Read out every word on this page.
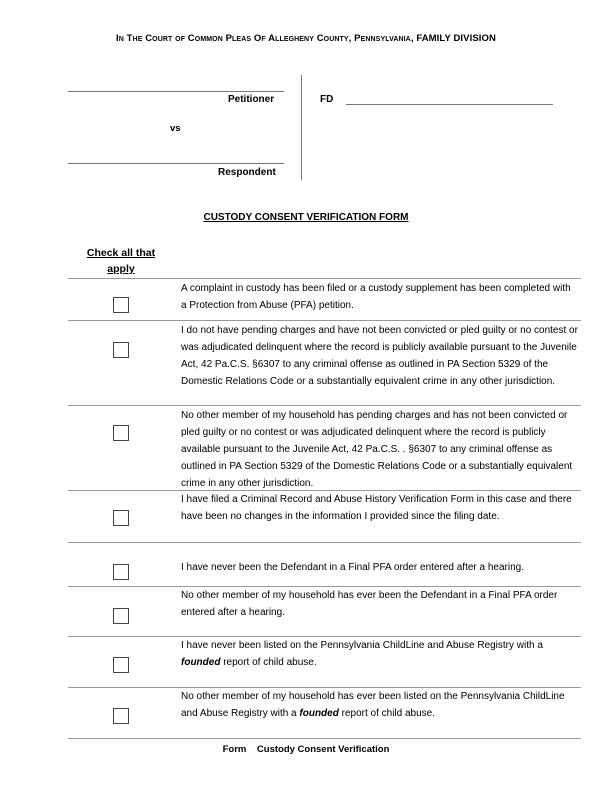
In The Court of Common Pleas Of Allegheny County, Pennsylvania, FAMILY DIVISION
Petitioner
vs
Respondent
FD
CUSTODY CONSENT VERIFICATION FORM
Check all that
apply
A complaint in custody has been filed or a custody supplement has been completed with a Protection from Abuse (PFA) petition.
I do not have pending charges and have not been convicted or pled guilty or no contest or was adjudicated delinquent where the record is publicly available pursuant to the Juvenile Act, 42 Pa.C.S. §6307 to any criminal offense as outlined in PA Section 5329 of the Domestic Relations Code or a substantially equivalent crime in any other jurisdiction.
No other member of my household has pending charges and has not been convicted or pled guilty or no contest or was adjudicated delinquent where the record is publicly available pursuant to the Juvenile Act, 42 Pa.C.S. . §6307 to any criminal offense as outlined in PA Section 5329 of the Domestic Relations Code or a substantially equivalent crime in any other jurisdiction.
I have filed a Criminal Record and Abuse History Verification Form in this case and there have been no changes in the information I provided since the filing date.
I have never been the Defendant in a Final PFA order entered after a hearing.
No other member of my household has ever been the Defendant in a Final PFA order entered after a hearing.
I have never been listed on the Pennsylvania ChildLine and Abuse Registry with a founded report of child abuse.
No other member of my household has ever been listed on the Pennsylvania ChildLine and Abuse Registry with a founded report of child abuse.
Form Custody Consent Verification
